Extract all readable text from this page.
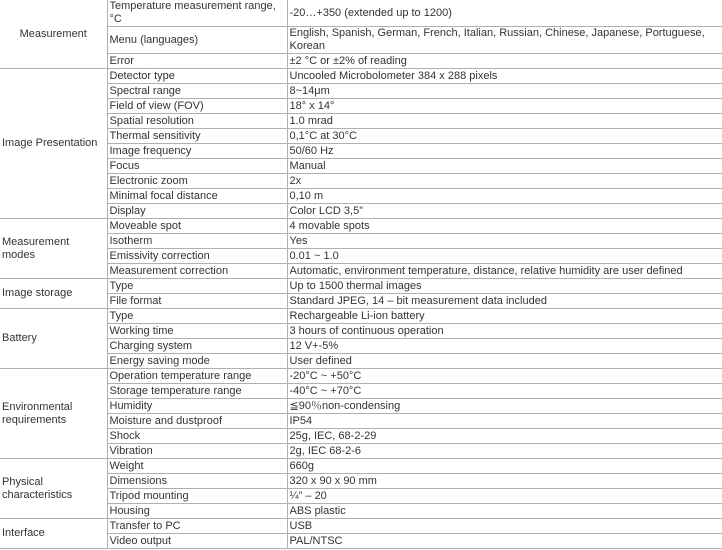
Measurement	Temperature measurement range, °C	-20…+350 (extended up to 1200)
	Menu (languages)	English, Spanish, German, French, Italian, Russian, Chinese, Japanese, Portuguese, Korean
	Error	±2 °C or ±2% of reading
Image Presentation	Detector type	Uncooled Microbolometer 384 x 288 pixels
	Spectral range	8~14μm
	Field of view (FOV)	18° x 14°
	Spatial resolution	1.0 mrad
	Thermal sensitivity	0,1°C at 30°C
	Image frequency	50/60 Hz
	Focus	Manual
	Electronic zoom	2x
	Minimal focal distance	0,10 m
	Display	Color LCD 3,5”
Measurement modes	Moveable spot	4 movable spots
	Isotherm	Yes
	Emissivity correction	0.01 ~ 1.0
	Measurement correction	Automatic, environment temperature, distance, relative humidity are user defined
Image storage	Type	Up to 1500 thermal images
	File format	Standard JPEG, 14 – bit measurement data included
Battery	Type	Rechargeable Li-ion battery
	Working time	3 hours of continuous operation
	Charging system	12 V+-5%
	Energy saving mode	User defined
Environmental requirements	Operation temperature range	-20°C ~ +50°C
	Storage temperature range	-40°C ~ +70°C
	Humidity	≦90％non-condensing
	Moisture and dustproof	IP54
	Shock	25g, IEC, 68-2-29
	Vibration	2g, IEC 68-2-6
Physical characteristics	Weight	660g
	Dimensions	320 x 90 x 90 mm
	Tripod mounting	¼” – 20
	Housing	ABS plastic
Interface	Transfer to PC	USB
	Video output	PAL/NTSC
